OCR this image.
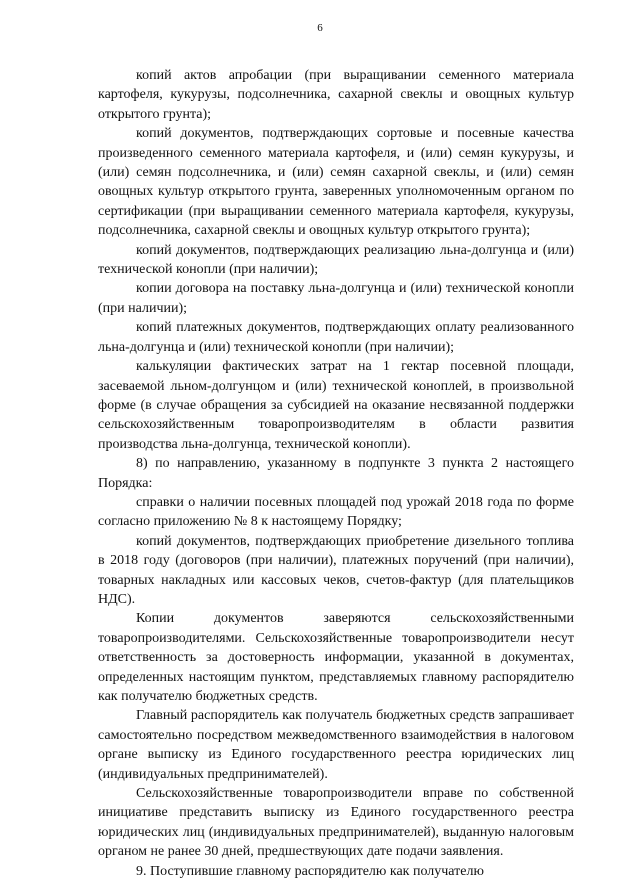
6

копий актов апробации (при выращивании семенного материала картофеля, кукурузы, подсолнечника, сахарной свеклы и овощных культур открытого грунта);

копий документов, подтверждающих сортовые и посевные качества произведенного семенного материала картофеля, и (или) семян кукурузы, и (или) семян подсолнечника, и (или) семян сахарной свеклы, и (или) семян овощных культур открытого грунта, заверенных уполномоченным органом по сертификации (при выращивании семенного материала картофеля, кукурузы, подсолнечника, сахарной свеклы и овощных культур открытого грунта);

копий документов, подтверждающих реализацию льна-долгунца и (или) технической конопли (при наличии);

копии договора на поставку льна-долгунца и (или) технической конопли (при наличии);

копий платежных документов, подтверждающих оплату реализованного льна-долгунца и (или) технической конопли (при наличии);

калькуляции фактических затрат на 1 гектар посевной площади, засеваемой льном-долгунцом и (или) технической коноплей, в произвольной форме (в случае обращения за субсидией на оказание несвязанной поддержки сельскохозяйственным товаропроизводителям в области развития производства льна-долгунца, технической конопли).

8) по направлению, указанному в подпункте 3 пункта 2 настоящего Порядка:

справки о наличии посевных площадей под урожай 2018 года по форме согласно приложению № 8 к настоящему Порядку;

копий документов, подтверждающих приобретение дизельного топлива в 2018 году (договоров (при наличии), платежных поручений (при наличии), товарных накладных или кассовых чеков, счетов-фактур (для плательщиков НДС).

Копии документов заверяются сельскохозяйственными товаропроизводителями. Сельскохозяйственные товаропроизводители несут ответственность за достоверность информации, указанной в документах, определенных настоящим пунктом, представляемых главному распорядителю как получателю бюджетных средств.

Главный распорядитель как получатель бюджетных средств запрашивает самостоятельно посредством межведомственного взаимодействия в налоговом органе выписку из Единого государственного реестра юридических лиц (индивидуальных предпринимателей).

Сельскохозяйственные товаропроизводители вправе по собственной инициативе представить выписку из Единого государственного реестра юридических лиц (индивидуальных предпринимателей), выданную налоговым органом не ранее 30 дней, предшествующих дате подачи заявления.

9. Поступившие главному распорядителю как получателю
